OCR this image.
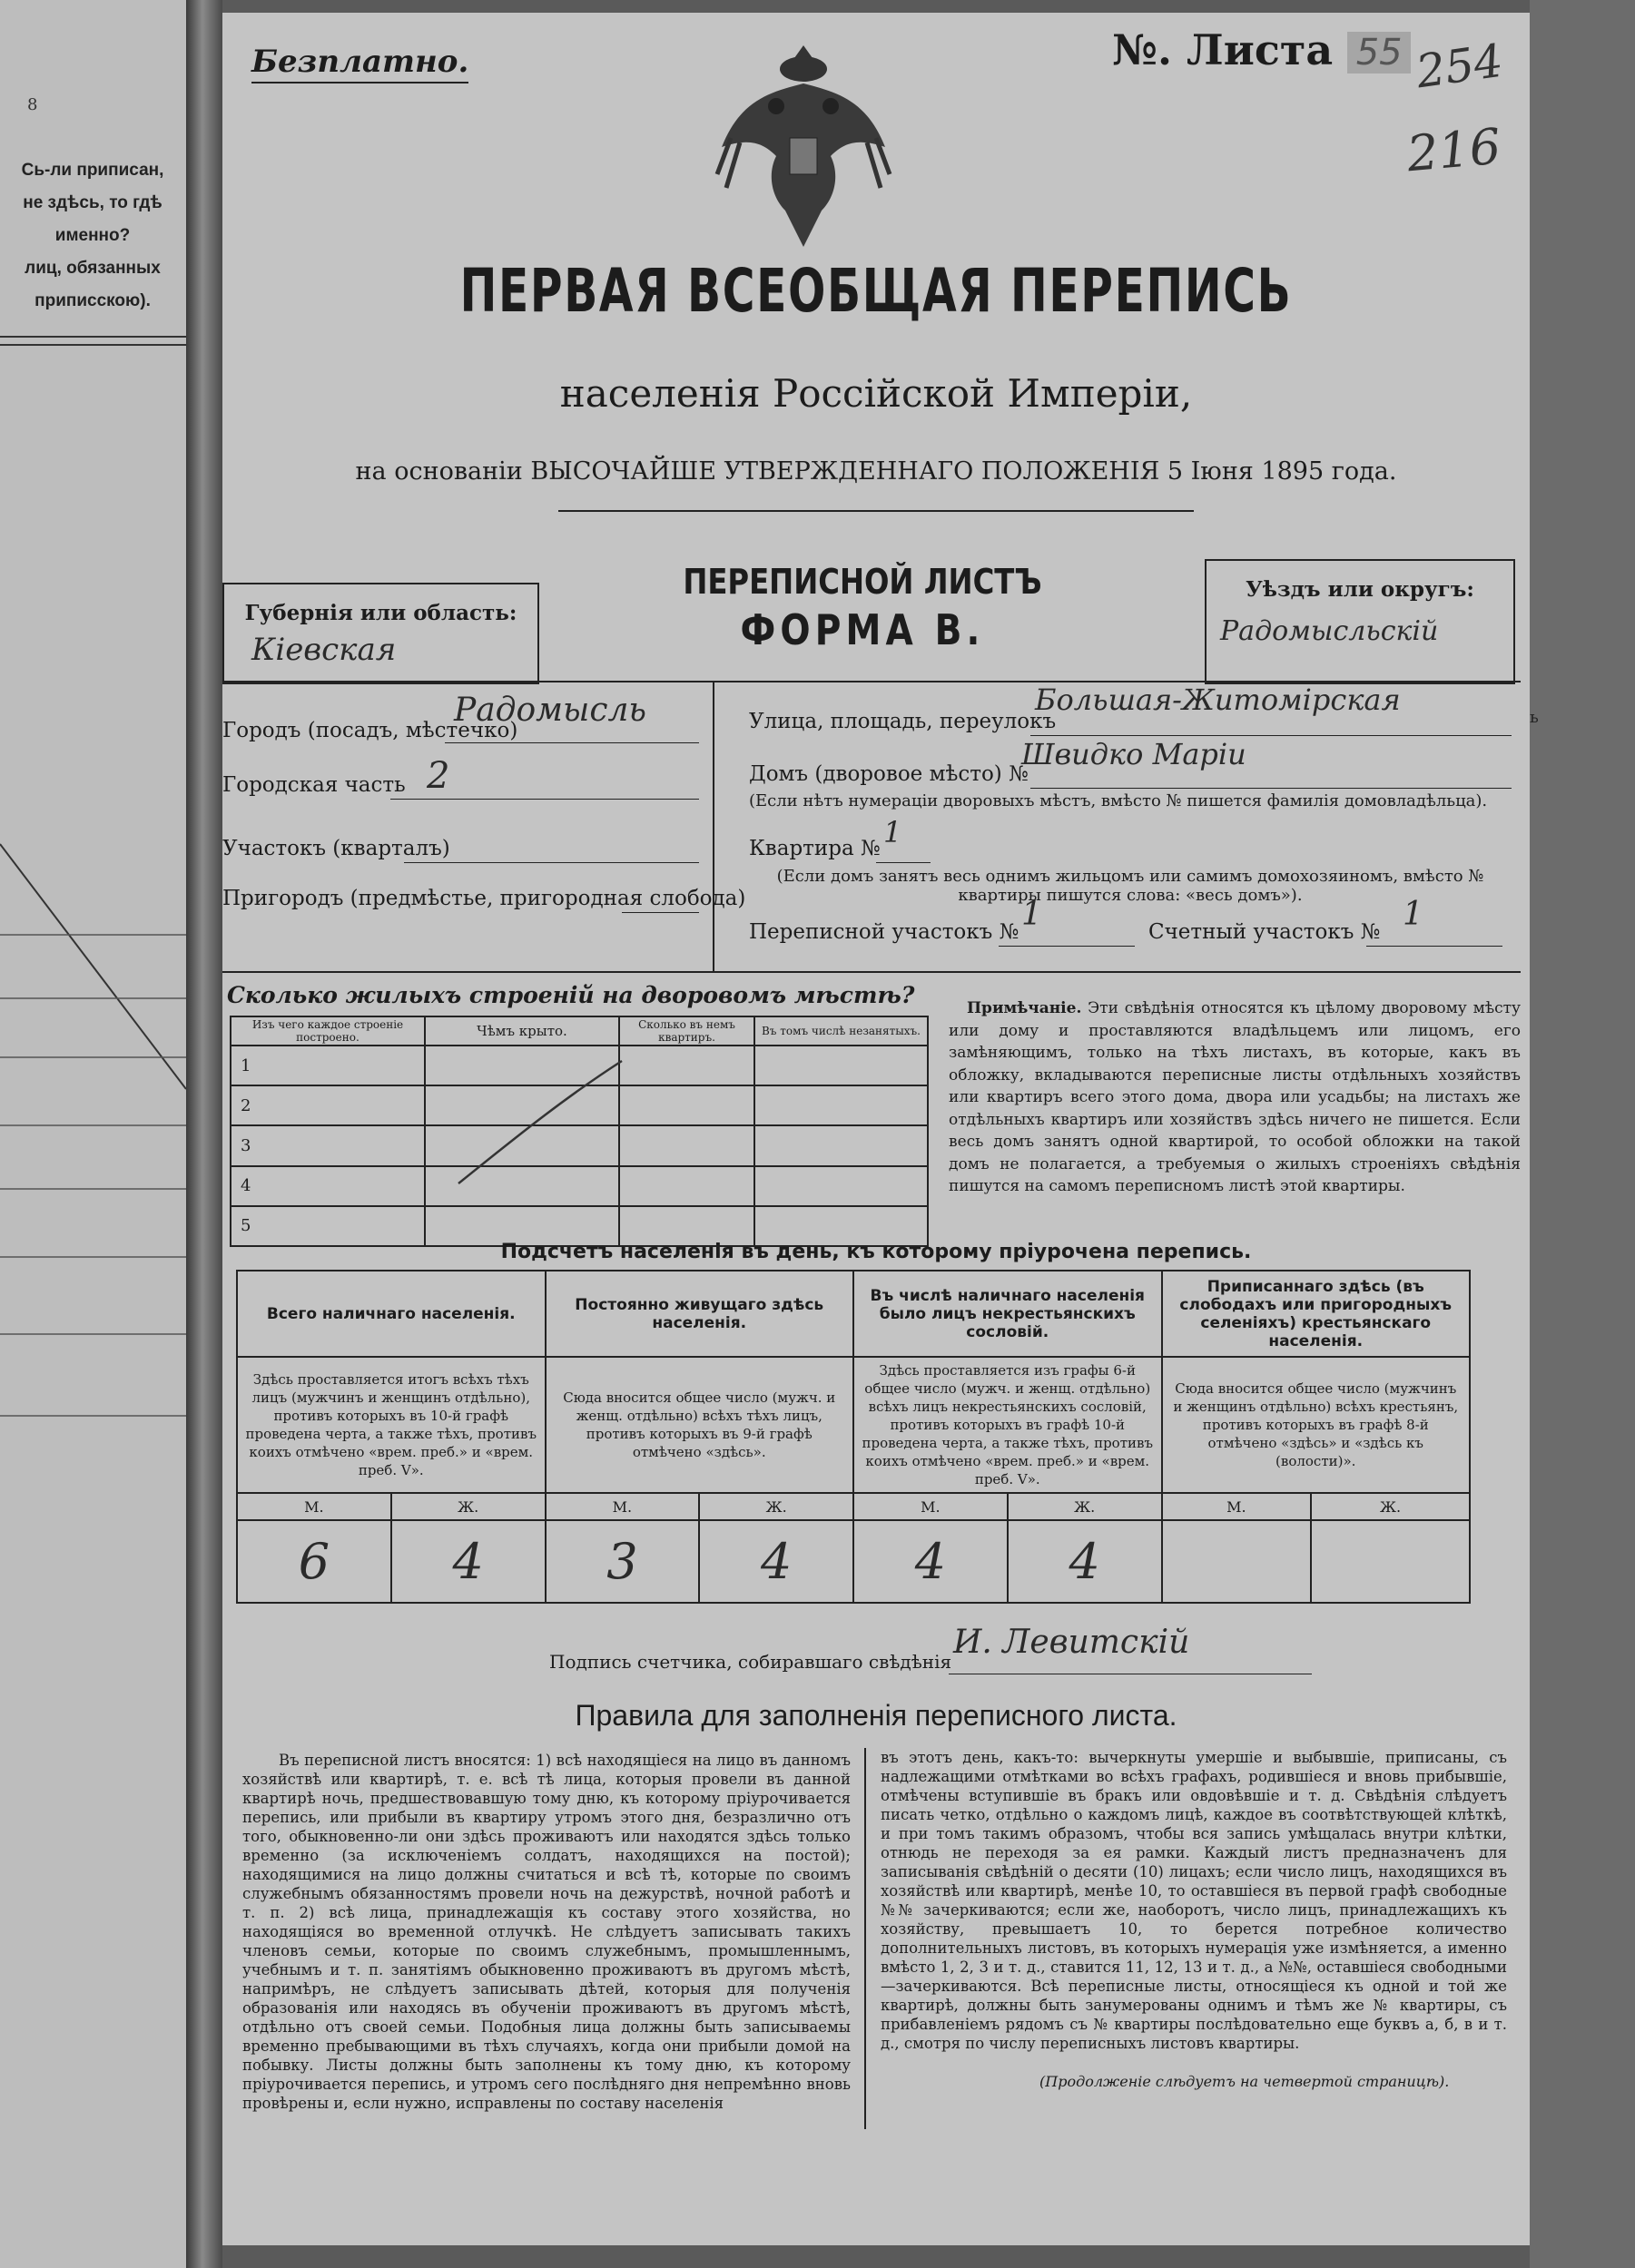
8
Сь-ли приписан,
не здѣсь, то гдѣ
именно?
лиц, обязанных
приписскою).
Безплатно.	№. Листа 55 254
216
ПЕРВАЯ ВСЕОБЩАЯ ПЕРЕПИСЬ
населенія Россійской Имперіи,
на основаніи ВЫСОЧАЙШЕ УТВЕРЖДЕННАГО ПОЛОЖЕНІЯ 5 Іюня 1895 года.
Губернія или область:
Кіевская
ПЕРЕПИСНОЙ ЛИСТЪ
ФОРМА В.
Уѣздъ или округъ:
Радомысльскій
Городъ (посадъ, мѣстечко)
Радомысль
Городская часть 2
Участокъ (кварталъ)
Пригородъ (предмѣстье, пригородная слобода)
Улица, площадь, переулокъ
Большая-Житомірская
Домъ (дворовое мѣсто) №
Швидко Маріи
(Если нѣтъ нумераціи дворовыхъ мѣстъ, вмѣсто № пишется фамилія домовладѣльца).
Квартира № 1
(Если домъ занятъ весь однимъ жильцомъ или самимъ домохозяиномъ, вмѣсто № квартиры пишутся слова: «весь домъ»).
Переписной участокъ № 1	Счетный участокъ № 1
Сколько жилыхъ строеній на дворовомъ мѣстѣ?
Изъ чего каждое строеніе построено.	Чѣмъ крыто.	Сколько въ немъ квартиръ.	Въ томъ числѣ незанятыхъ.
1			
2			
3			
4			
5			
Примѣчаніе. Эти свѣдѣнія относятся къ цѣлому дворовому мѣсту или дому и проставляются владѣльцемъ или лицомъ, его замѣняющимъ, только на тѣхъ листахъ, въ которые, какъ въ обложку, вкладываются переписные листы отдѣльныхъ хозяйствъ или квартиръ всего этого дома, двора или усадьбы; на листахъ же отдѣльныхъ квартиръ или хозяйствъ здѣсь ничего не пишется. Если весь домъ занятъ одной квартирой, то особой обложки на такой домъ не полагается, а требуемыя о жилыхъ строеніяхъ свѣдѣнія пишутся на самомъ переписномъ листѣ этой квартиры.
Подсчетъ населенія въ день, къ которому пріурочена перепись.
Всего наличнаго населенія.		Постоянно живущаго здѣсь населенія.		Въ числѣ наличнаго населенія было лицъ некрестьянскихъ сословій.		Приписаннаго здѣсь (въ слободахъ или пригородныхъ селеніяхъ) крестьянскаго населенія.	
Здѣсь проставляется итогъ всѣхъ тѣхъ лицъ (мужчинъ и женщинъ отдѣльно), противъ которыхъ въ 10-й графѣ проведена черта, а также тѣхъ, противъ коихъ отмѣчено «врем. преб.» и «врем. преб. V».		Сюда вносится общее число (мужч. и женщ. отдѣльно) всѣхъ тѣхъ лицъ, противъ которыхъ въ 9-й графѣ отмѣчено «здѣсь».		Здѣсь проставляется изъ графы 6-й общее число (мужч. и женщ. отдѣльно) всѣхъ лицъ некрестьянскихъ сословій, противъ которыхъ въ графѣ 10-й проведена черта, а также тѣхъ, противъ коихъ отмѣчено «врем. преб.» и «врем. преб. V».		Сюда вносится общее число (мужчинъ и женщинъ отдѣльно) всѣхъ крестьянъ, противъ которыхъ въ графѣ 8-й отмѣчено «здѣсь» и «здѣсь къ (волости)».	
М.	Ж.	М.	Ж.	М.	Ж.	М.	Ж.
6	4	3	4	4	4		
Подпись счетчика, собиравшаго свѣдѣнія
И. Левитскій
Правила для заполненія переписного листа.
Въ переписной листъ вносятся: 1) всѣ находящіеся на лицо въ данномъ хозяйствѣ или квартирѣ, т. е. всѣ тѣ лица, которыя провели въ данной квартирѣ ночь, предшествовавшую тому дню, къ которому пріурочивается перепись, или прибыли въ квартиру утромъ этого дня, безразлично отъ того, обыкновенно-ли они здѣсь проживаютъ или находятся здѣсь только временно (за исключеніемъ солдатъ, находящихся на постой); находящимися на лицо должны считаться и всѣ тѣ, которые по своимъ служебнымъ обязанностямъ провели ночь на дежурствѣ, ночной работѣ и т. п. 2) всѣ лица, принадлежащія къ составу этого хозяйства, но находящіяся во временной отлучкѣ. Не слѣдуетъ записывать такихъ членовъ семьи, которые по своимъ служебнымъ, промышленнымъ, учебнымъ и т. п. занятіямъ обыкновенно проживаютъ въ другомъ мѣстѣ, напримѣръ, не слѣдуетъ записывать дѣтей, которыя для полученія образованія или находясь въ обученіи проживаютъ въ другомъ мѣстѣ, отдѣльно отъ своей семьи. Подобныя лица должны быть записываемы временно пребывающими въ тѣхъ случаяхъ, когда они прибыли домой на побывку. Листы должны быть заполнены къ тому дню, къ которому пріурочивается перепись, и утромъ сего послѣдняго дня непремѣнно вновь провѣрены и, если нужно, исправлены по составу населенія
въ этотъ день, какъ-то: вычеркнуты умершіе и выбывшіе, приписаны, съ надлежащими отмѣтками во всѣхъ графахъ, родившіеся и вновь прибывшіе, отмѣчены вступившіе въ бракъ или овдовѣвшіе и т. д. Свѣдѣнія слѣдуетъ писать четко, отдѣльно о каждомъ лицѣ, каждое въ соотвѣтствующей клѣткѣ, и при томъ такимъ образомъ, чтобы вся запись умѣщалась внутри клѣтки, отнюдь не переходя за ея рамки. Каждый листъ предназначенъ для записыванія свѣдѣній о десяти (10) лицахъ; если число лицъ, находящихся въ хозяйствѣ или квартирѣ, менѣе 10, то оставшіеся въ первой графѣ свободные №№ зачеркиваются; если же, наоборотъ, число лицъ, принадлежащихъ къ хозяйству, превышаетъ 10, то берется потребное количество дополнительныхъ листовъ, въ которыхъ нумерація уже измѣняется, а именно вмѣсто 1, 2, 3 и т. д., ставится 11, 12, 13 и т. д., а №№, оставшіеся свободными—зачеркиваются. Всѣ переписные листы, относящіеся къ одной и той же квартирѣ, должны быть занумерованы однимъ и тѣмъ же № квартиры, съ прибавленіемъ рядомъ съ № квартиры послѣдовательно еще буквъ а, б, в и т. д., смотря по числу переписныхъ листовъ квартиры.
(Продолженіе слѣдуетъ на четвертой страницѣ).
ь
